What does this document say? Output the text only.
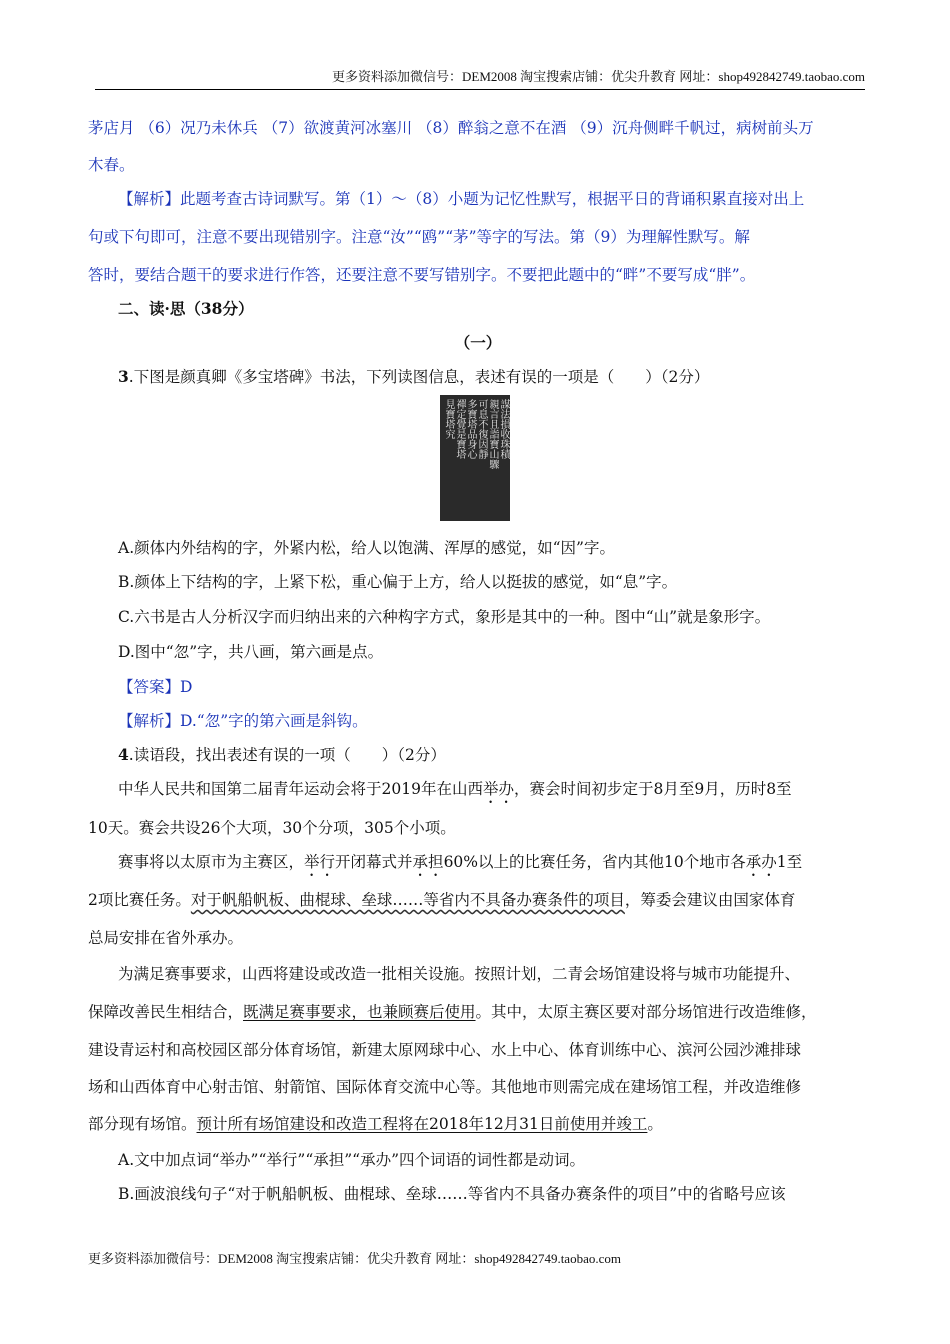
更多资料添加微信号：DEM2008 淘宝搜索店铺：优尖升教育 网址：shop492842749.taobao.com
茅店月 （6）况乃未休兵 （7）欲渡黄河冰塞川 （8）醉翁之意不在酒 （9）沉舟侧畔千帆过，病树前头万
木春。
【解析】此题考查古诗词默写。第（1）～（8）小题为记忆性默写，根据平日的背诵积累直接对出上
句或下句即可，注意不要出现错别字。注意“汝”“鸥”“茅”等字的写法。第（9）为理解性默写。解
答时，要结合题干的要求进行作答，还要注意不要写错别字。不要把此题中的“畔”不要写成“胖”。
二、读·思（38分）
（一）
3.下图是颜真卿《多宝塔碑》书法，下列读图信息，表述有误的一项是（　　）（2分）
謀法損收珠積
親言且詣寶山驟
可息不復因靜
多寶塔品身心
禪定覺是寶塔
見寶塔究
A.颜体内外结构的字，外紧内松，给人以饱满、浑厚的感觉，如“因”字。
B.颜体上下结构的字，上紧下松，重心偏于上方，给人以挺拔的感觉，如“息”字。
C.六书是古人分析汉字而归纳出来的六种构字方式，象形是其中的一种。图中“山”就是象形字。
D.图中“忽”字，共八画，第六画是点。
【答案】D
【解析】D.“忽”字的第六画是斜钩。
4.读语段，找出表述有误的一项（　　）（2分）
中华人民共和国第二届青年运动会将于2019年在山西举办，赛会时间初步定于8月至9月，历时8至
10天。赛会共设26个大项，30个分项，305个小项。
赛事将以太原市为主赛区，举行开闭幕式并承担60%以上的比赛任务，省内其他10个地市各承办1至
2项比赛任务。对于帆船帆板、曲棍球、垒球……等省内不具备办赛条件的项目，筹委会建议由国家体育
总局安排在省外承办。
为满足赛事要求，山西将建设或改造一批相关设施。按照计划，二青会场馆建设将与城市功能提升、
保障改善民生相结合，既满足赛事要求，也兼顾赛后使用。其中，太原主赛区要对部分场馆进行改造维修，
建设青运村和高校园区部分体育场馆，新建太原网球中心、水上中心、体育训练中心、滨河公园沙滩排球
场和山西体育中心射击馆、射箭馆、国际体育交流中心等。其他地市则需完成在建场馆工程，并改造维修
部分现有场馆。预计所有场馆建设和改造工程将在2018年12月31日前使用并竣工。
A.文中加点词“举办”“举行”“承担”“承办”四个词语的词性都是动词。
B.画波浪线句子“对于帆船帆板、曲棍球、垒球……等省内不具备办赛条件的项目”中的省略号应该
更多资料添加微信号：DEM2008 淘宝搜索店铺：优尖升教育 网址：shop492842749.taobao.com
